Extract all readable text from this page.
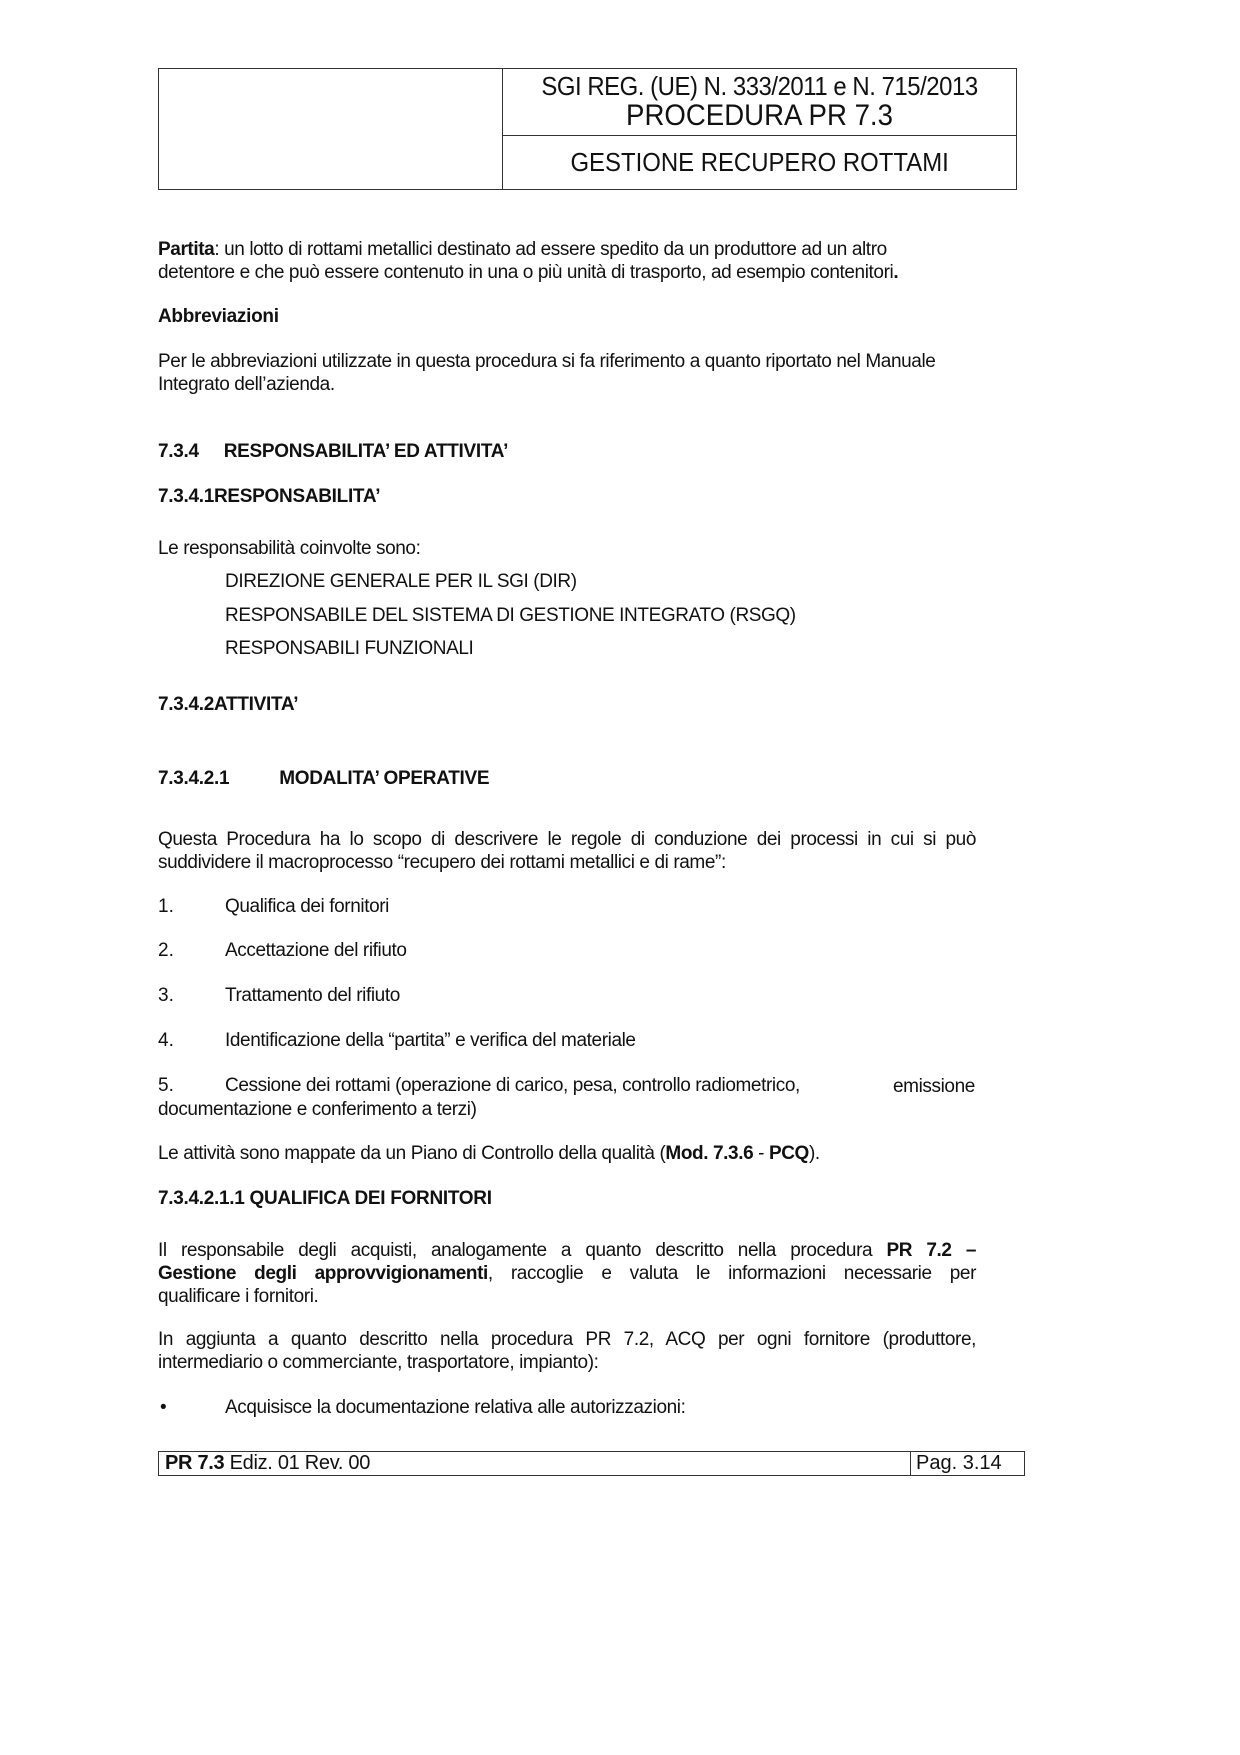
SGI REG. (UE) N. 333/2011 e N. 715/2013
PROCEDURA PR 7.3
GESTIONE RECUPERO ROTTAMI
Partita: un lotto di rottami metallici destinato ad essere spedito da un produttore ad un altro
detentore e che può essere contenuto in una o più unità di trasporto, ad esempio contenitori.
Abbreviazioni
Per le abbreviazioni utilizzate in questa procedura si fa riferimento a quanto riportato nel Manuale
Integrato dell’azienda.
7.3.4 RESPONSABILITA’ ED ATTIVITA’
7.3.4.1RESPONSABILITA’
Le responsabilità coinvolte sono:
DIREZIONE GENERALE PER IL SGI (DIR)
RESPONSABILE DEL SISTEMA DI GESTIONE INTEGRATO (RSGQ)
RESPONSABILI FUNZIONALI
7.3.4.2ATTIVITA’
7.3.4.2.1	MODALITA’ OPERATIVE
Questa Procedura ha lo scopo di descrivere le regole di conduzione dei processi in cui si può
suddividere il macroprocesso “recupero dei rottami metallici e di rame”:
1.	Qualifica dei fornitori
2.	Accettazione del rifiuto
3.	Trattamento del rifiuto
4.	Identificazione della “partita” e verifica del materiale
5.	Cessione dei rottami (operazione di carico, pesa, controllo radiometrico,	emissione
documentazione e conferimento a terzi)
Le attività sono mappate da un Piano di Controllo della qualità (Mod. 7.3.6 - PCQ).
7.3.4.2.1.1 QUALIFICA DEI FORNITORI
Il responsabile degli acquisti, analogamente a quanto descritto nella procedura PR 7.2 –
Gestione degli approvvigionamenti, raccoglie e valuta le informazioni necessarie per
qualificare i fornitori.
In aggiunta a quanto descritto nella procedura PR 7.2, ACQ per ogni fornitore (produttore,
intermediario o commerciante, trasportatore, impianto):
•	Acquisisce la documentazione relativa alle autorizzazioni:
PR 7.3 Ediz. 01 Rev. 00	Pag. 3.14
